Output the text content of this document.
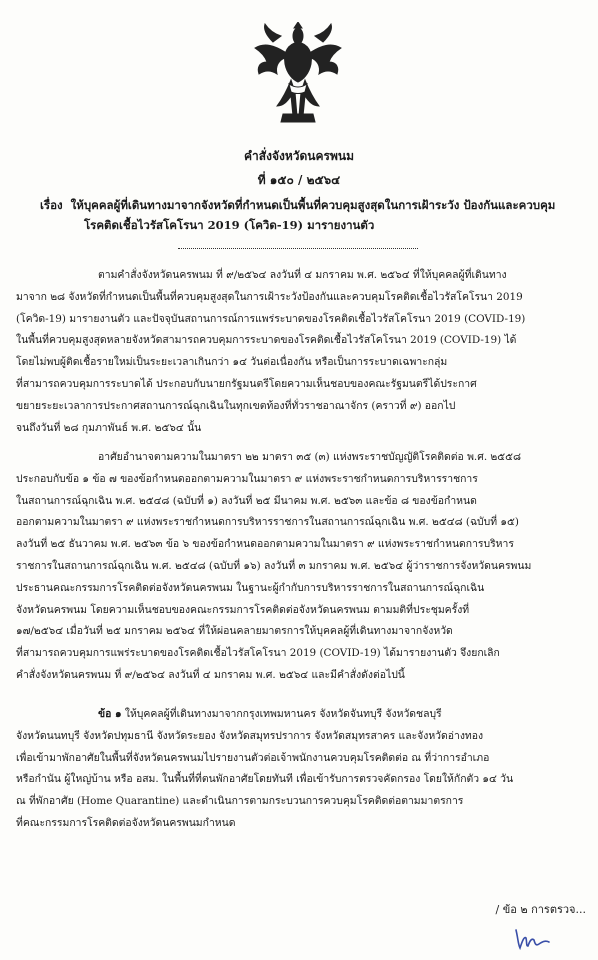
คำสั่งจังหวัดนครพนม
ที่ ๑๕๐ / ๒๕๖๔
เรื่อง ให้บุคคลผู้ที่เดินทางมาจากจังหวัดที่กำหนดเป็นพื้นที่ควบคุมสูงสุดในการเฝ้าระวัง ป้องกันและควบคุม
โรคติดเชื้อไวรัสโคโรนา 2019 (โควิด-19) มารายงานตัว
ตามคำสั่งจังหวัดนครพนม ที่ ๙/๒๕๖๔ ลงวันที่ ๔ มกราคม พ.ศ. ๒๕๖๔ ที่ให้บุคคลผู้ที่เดินทาง
มาจาก ๒๘ จังหวัดที่กำหนดเป็นพื้นที่ควบคุมสูงสุดในการเฝ้าระวังป้องกันและควบคุมโรคติดเชื้อไวรัสโคโรนา 2019
(โควิด-19) มารายงานตัว และปัจจุบันสถานการณ์การแพร่ระบาดของโรคติดเชื้อไวรัสโคโรนา 2019 (COVID-19)
ในพื้นที่ควบคุมสูงสุดหลายจังหวัดสามารถควบคุมการระบาดของโรคติดเชื้อไวรัสโคโรนา 2019 (COVID-19) ได้
โดยไม่พบผู้ติดเชื้อรายใหม่เป็นระยะเวลาเกินกว่า ๑๔ วันต่อเนื่องกัน หรือเป็นการระบาดเฉพาะกลุ่ม
ที่สามารถควบคุมการระบาดได้ ประกอบกับนายกรัฐมนตรีโดยความเห็นชอบของคณะรัฐมนตรีได้ประกาศ
ขยายระยะเวลาการประกาศสถานการณ์ฉุกเฉินในทุกเขตท้องที่ทั่วราชอาณาจักร (คราวที่ ๙) ออกไป
จนถึงวันที่ ๒๘ กุมภาพันธ์ พ.ศ. ๒๕๖๔ นั้น
อาศัยอำนาจตามความในมาตรา ๒๒ มาตรา ๓๕ (๓) แห่งพระราชบัญญัติโรคติดต่อ พ.ศ. ๒๕๕๘
ประกอบกับข้อ ๑ ข้อ ๗ ของข้อกำหนดออกตามความในมาตรา ๙ แห่งพระราชกำหนดการบริหารราชการ
ในสถานการณ์ฉุกเฉิน พ.ศ. ๒๕๔๘ (ฉบับที่ ๑) ลงวันที่ ๒๕ มีนาคม พ.ศ. ๒๕๖๓ และข้อ ๘ ของข้อกำหนด
ออกตามความในมาตรา ๙ แห่งพระราชกำหนดการบริหารราชการในสถานการณ์ฉุกเฉิน พ.ศ. ๒๕๔๘ (ฉบับที่ ๑๕)
ลงวันที่ ๒๕ ธันวาคม พ.ศ. ๒๕๖๓ ข้อ ๖ ของข้อกำหนดออกตามความในมาตรา ๙ แห่งพระราชกำหนดการบริหาร
ราชการในสถานการณ์ฉุกเฉิน พ.ศ. ๒๕๔๘ (ฉบับที่ ๑๖) ลงวันที่ ๓ มกราคม พ.ศ. ๒๕๖๔ ผู้ว่าราชการจังหวัดนครพนม
ประธานคณะกรรมการโรคติดต่อจังหวัดนครพนม ในฐานะผู้กำกับการบริหารราชการในสถานการณ์ฉุกเฉิน
จังหวัดนครพนม โดยความเห็นชอบของคณะกรรมการโรคติดต่อจังหวัดนครพนม ตามมติที่ประชุมครั้งที่
๑๗/๒๕๖๔ เมื่อวันที่ ๒๕ มกราคม ๒๕๖๔ ที่ให้ผ่อนคลายมาตรการให้บุคคลผู้ที่เดินทางมาจากจังหวัด
ที่สามารถควบคุมการแพร่ระบาดของโรคติดเชื้อไวรัสโคโรนา 2019 (COVID-19) ได้มารายงานตัว จึงยกเลิก
คำสั่งจังหวัดนครพนม ที่ ๙/๒๕๖๔ ลงวันที่ ๔ มกราคม พ.ศ. ๒๕๖๔ และมีคำสั่งดังต่อไปนี้
ข้อ ๑ ให้บุคคลผู้ที่เดินทางมาจากกรุงเทพมหานคร จังหวัดจันทบุรี จังหวัดชลบุรี
จังหวัดนนทบุรี จังหวัดปทุมธานี จังหวัดระยอง จังหวัดสมุทรปราการ จังหวัดสมุทรสาคร และจังหวัดอ่างทอง
เพื่อเข้ามาพักอาศัยในพื้นที่จังหวัดนครพนมไปรายงานตัวต่อเจ้าพนักงานควบคุมโรคติดต่อ ณ ที่ว่าการอำเภอ
หรือกำนัน ผู้ใหญ่บ้าน หรือ อสม. ในพื้นที่ที่ตนพักอาศัยโดยทันที เพื่อเข้ารับการตรวจคัดกรอง โดยให้กักตัว ๑๔ วัน
ณ ที่พักอาศัย (Home Quarantine) และดำเนินการตามกระบวนการควบคุมโรคติดต่อตามมาตรการ
ที่คณะกรรมการโรคติดต่อจังหวัดนครพนมกำหนด
/ ข้อ ๒ การตรวจ...
